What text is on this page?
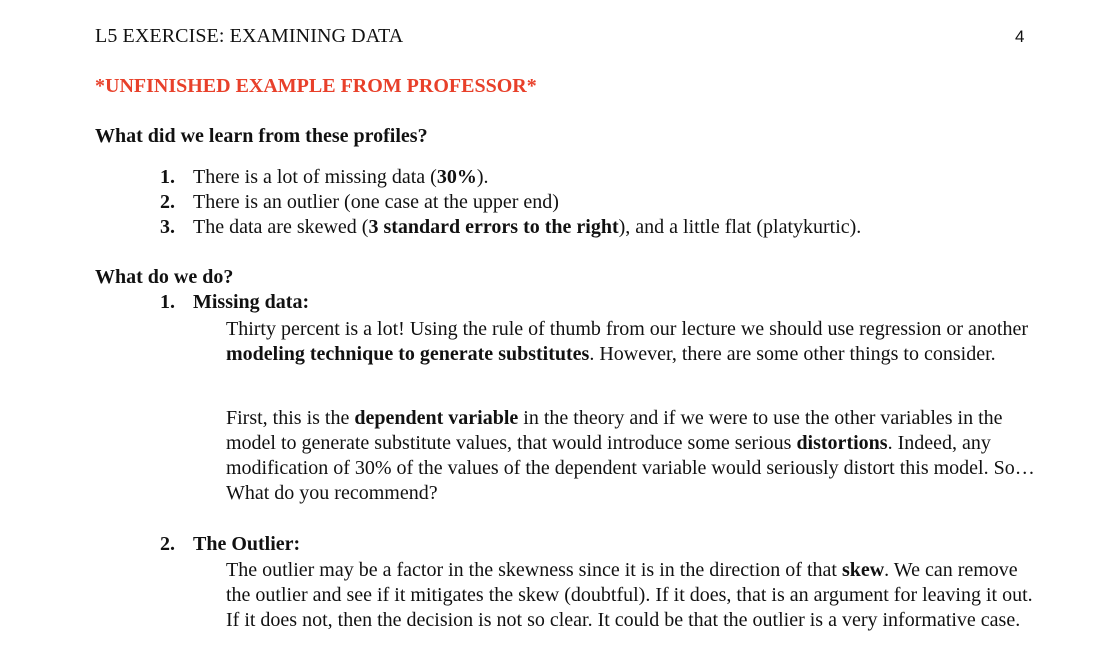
L5 EXERCISE: EXAMINING DATA	4
*UNFINISHED EXAMPLE FROM PROFESSOR*
What did we learn from these profiles?
1. There is a lot of missing data (30%).
2. There is an outlier (one case at the upper end)
3. The data are skewed (3 standard errors to the right), and a little flat (platykurtic).
What do we do?
1. Missing data:
Thirty percent is a lot! Using the rule of thumb from our lecture we should use regression or another modeling technique to generate substitutes. However, there are some other things to consider.
First, this is the dependent variable in the theory and if we were to use the other variables in the model to generate substitute values, that would introduce some serious distortions. Indeed, any modification of 30% of the values of the dependent variable would seriously distort this model. So… What do you recommend?
2. The Outlier:
The outlier may be a factor in the skewness since it is in the direction of that skew. We can remove the outlier and see if it mitigates the skew (doubtful). If it does, that is an argument for leaving it out. If it does not, then the decision is not so clear. It could be that the outlier is a very informative case.
